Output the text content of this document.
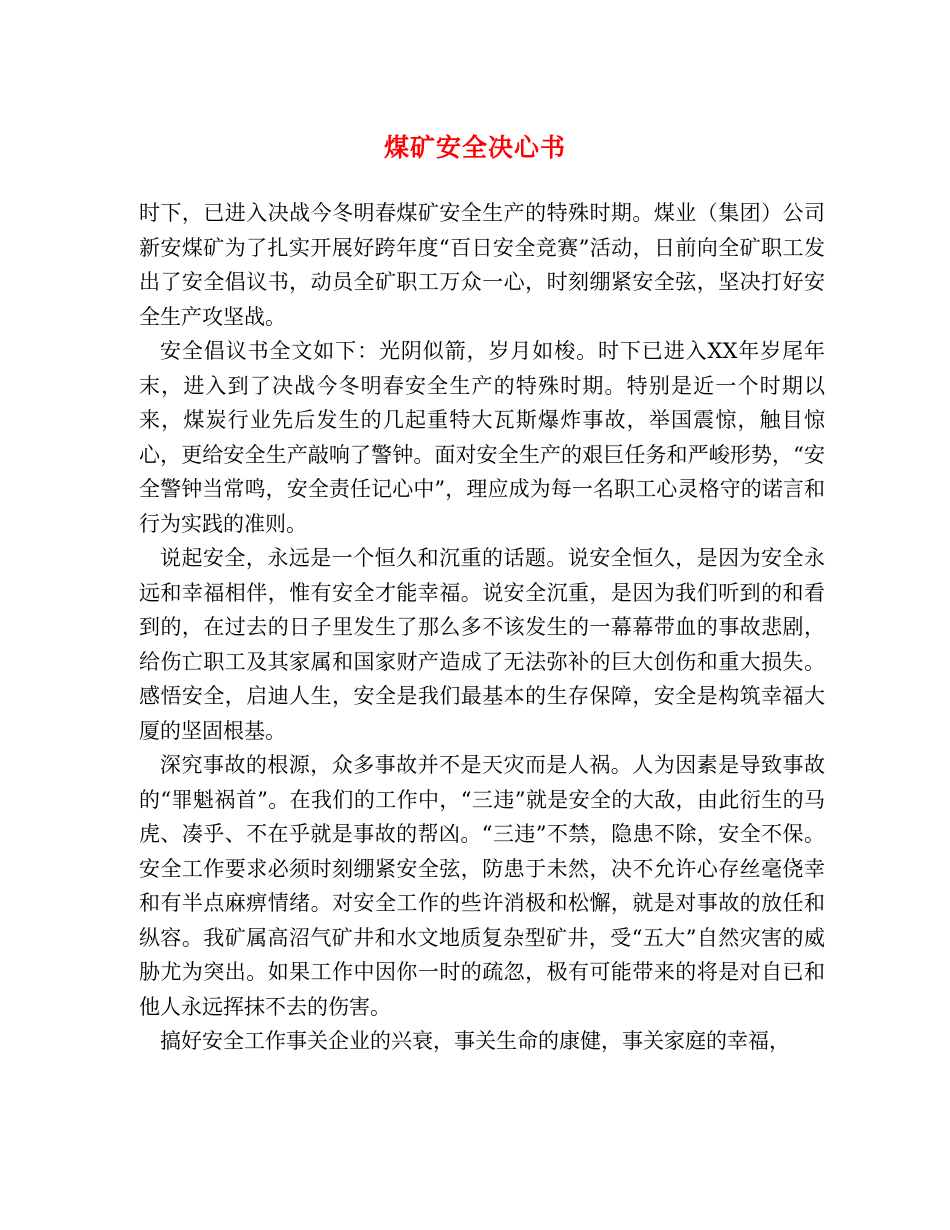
煤矿安全决心书

时下，已进入决战今冬明春煤矿安全生产的特殊时期。煤业（集团）公司新安煤矿为了扎实开展好跨年度“百日安全竞赛”活动，日前向全矿职工发出了安全倡议书，动员全矿职工万众一心，时刻绷紧安全弦，坚决打好安全生产攻坚战。

安全倡议书全文如下：光阴似箭，岁月如梭。时下已进入XX年岁尾年末，进入到了决战今冬明春安全生产的特殊时期。特别是近一个时期以来，煤炭行业先后发生的几起重特大瓦斯爆炸事故，举国震惊，触目惊心，更给安全生产敲响了警钟。面对安全生产的艰巨任务和严峻形势，“安全警钟当常鸣，安全责任记心中”，理应成为每一名职工心灵格守的诺言和行为实践的准则。

说起安全，永远是一个恒久和沉重的话题。说安全恒久，是因为安全永远和幸福相伴，惟有安全才能幸福。说安全沉重，是因为我们听到的和看到的，在过去的日子里发生了那么多不该发生的一幕幕带血的事故悲剧，给伤亡职工及其家属和国家财产造成了无法弥补的巨大创伤和重大损失。感悟安全，启迪人生，安全是我们最基本的生存保障，安全是构筑幸福大厦的坚固根基。

深究事故的根源，众多事故并不是天灾而是人祸。人为因素是导致事故的“罪魁祸首”。在我们的工作中，“三违”就是安全的大敌，由此衍生的马虎、凑乎、不在乎就是事故的帮凶。“三违”不禁，隐患不除，安全不保。安全工作要求必须时刻绷紧安全弦，防患于未然，决不允许心存丝毫侥幸和有半点麻痹情绪。对安全工作的些许消极和松懈，就是对事故的放任和纵容。我矿属高沼气矿井和水文地质复杂型矿井，受“五大”自然灾害的威胁尤为突出。如果工作中因你一时的疏忽，极有可能带来的将是对自已和他人永远挥抹不去的伤害。

搞好安全工作事关企业的兴衰，事关生命的康健，事关家庭的幸福，
